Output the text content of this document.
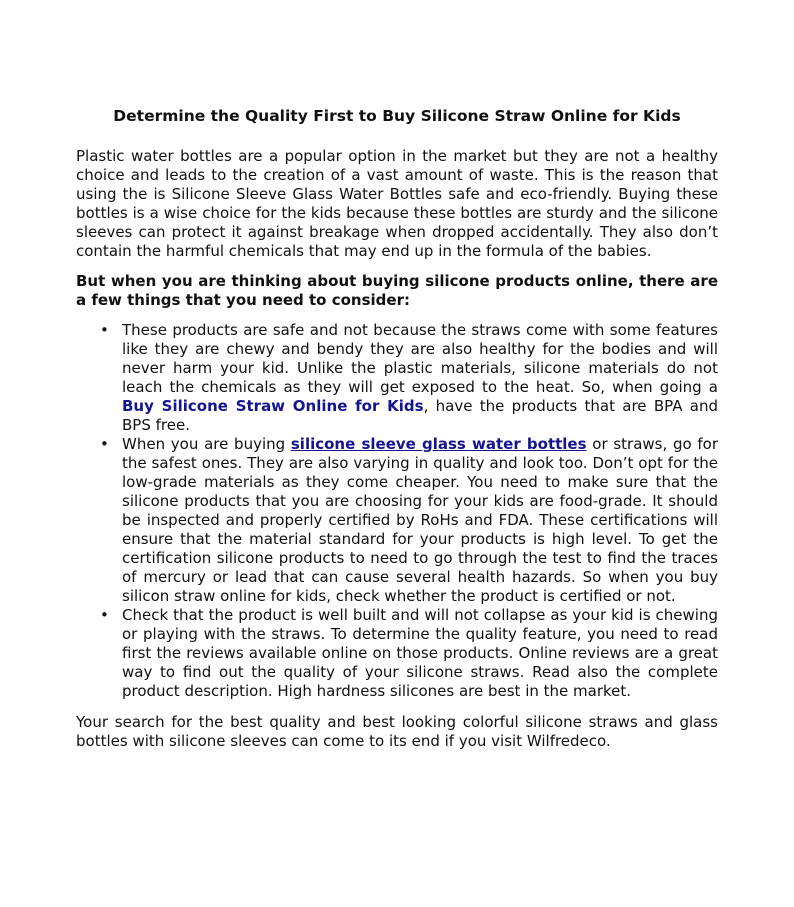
Determine the Quality First to Buy Silicone Straw Online for Kids

Plastic water bottles are a popular option in the market but they are not a healthy choice and leads to the creation of a vast amount of waste. This is the reason that using the is Silicone Sleeve Glass Water Bottles safe and eco-friendly. Buying these bottles is a wise choice for the kids because these bottles are sturdy and the silicone sleeves can protect it against breakage when dropped accidentally. They also don’t contain the harmful chemicals that may end up in the formula of the babies.

But when you are thinking about buying silicone products online, there are a few things that you need to consider:

• These products are safe and not because the straws come with some features like they are chewy and bendy they are also healthy for the bodies and will never harm your kid. Unlike the plastic materials, silicone materials do not leach the chemicals as they will get exposed to the heat. So, when going a Buy Silicone Straw Online for Kids, have the products that are BPA and BPS free.
• When you are buying silicone sleeve glass water bottles or straws, go for the safest ones. They are also varying in quality and look too. Don’t opt for the low-grade materials as they come cheaper. You need to make sure that the silicone products that you are choosing for your kids are food-grade. It should be inspected and properly certified by RoHs and FDA. These certifications will ensure that the material standard for your products is high level. To get the certification silicone products to need to go through the test to find the traces of mercury or lead that can cause several health hazards. So when you buy silicon straw online for kids, check whether the product is certified or not.
• Check that the product is well built and will not collapse as your kid is chewing or playing with the straws. To determine the quality feature, you need to read first the reviews available online on those products. Online reviews are a great way to find out the quality of your silicone straws. Read also the complete product description. High hardness silicones are best in the market.

Your search for the best quality and best looking colorful silicone straws and glass bottles with silicone sleeves can come to its end if you visit Wilfredeco.
